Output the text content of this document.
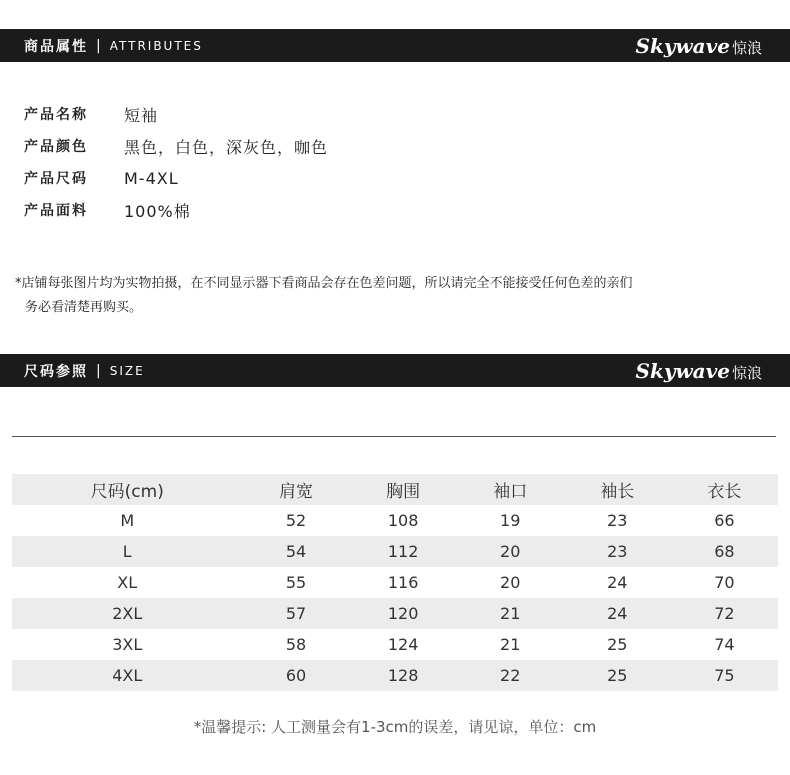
商品属性 | ATTRIBUTES	Skywave 惊浪
产品名称	短袖
产品颜色	黑色，白色，深灰色，咖色
产品尺码	M-4XL
产品面料	100%棉
*店铺每张图片均为实物拍摄，在不同显示器下看商品会存在色差问题，所以请完全不能接受任何色差的亲们
务必看清楚再购买。
尺码参照 | SIZE	Skywave 惊浪
尺码(cm)	肩宽	胸围	袖口	袖长	衣长
M	52	108	19	23	66
L	54	112	20	23	68
XL	55	116	20	24	70
2XL	57	120	21	24	72
3XL	58	124	21	25	74
4XL	60	128	22	25	75
*温馨提示: 人工测量会有1-3cm的误差，请见谅，单位：cm
